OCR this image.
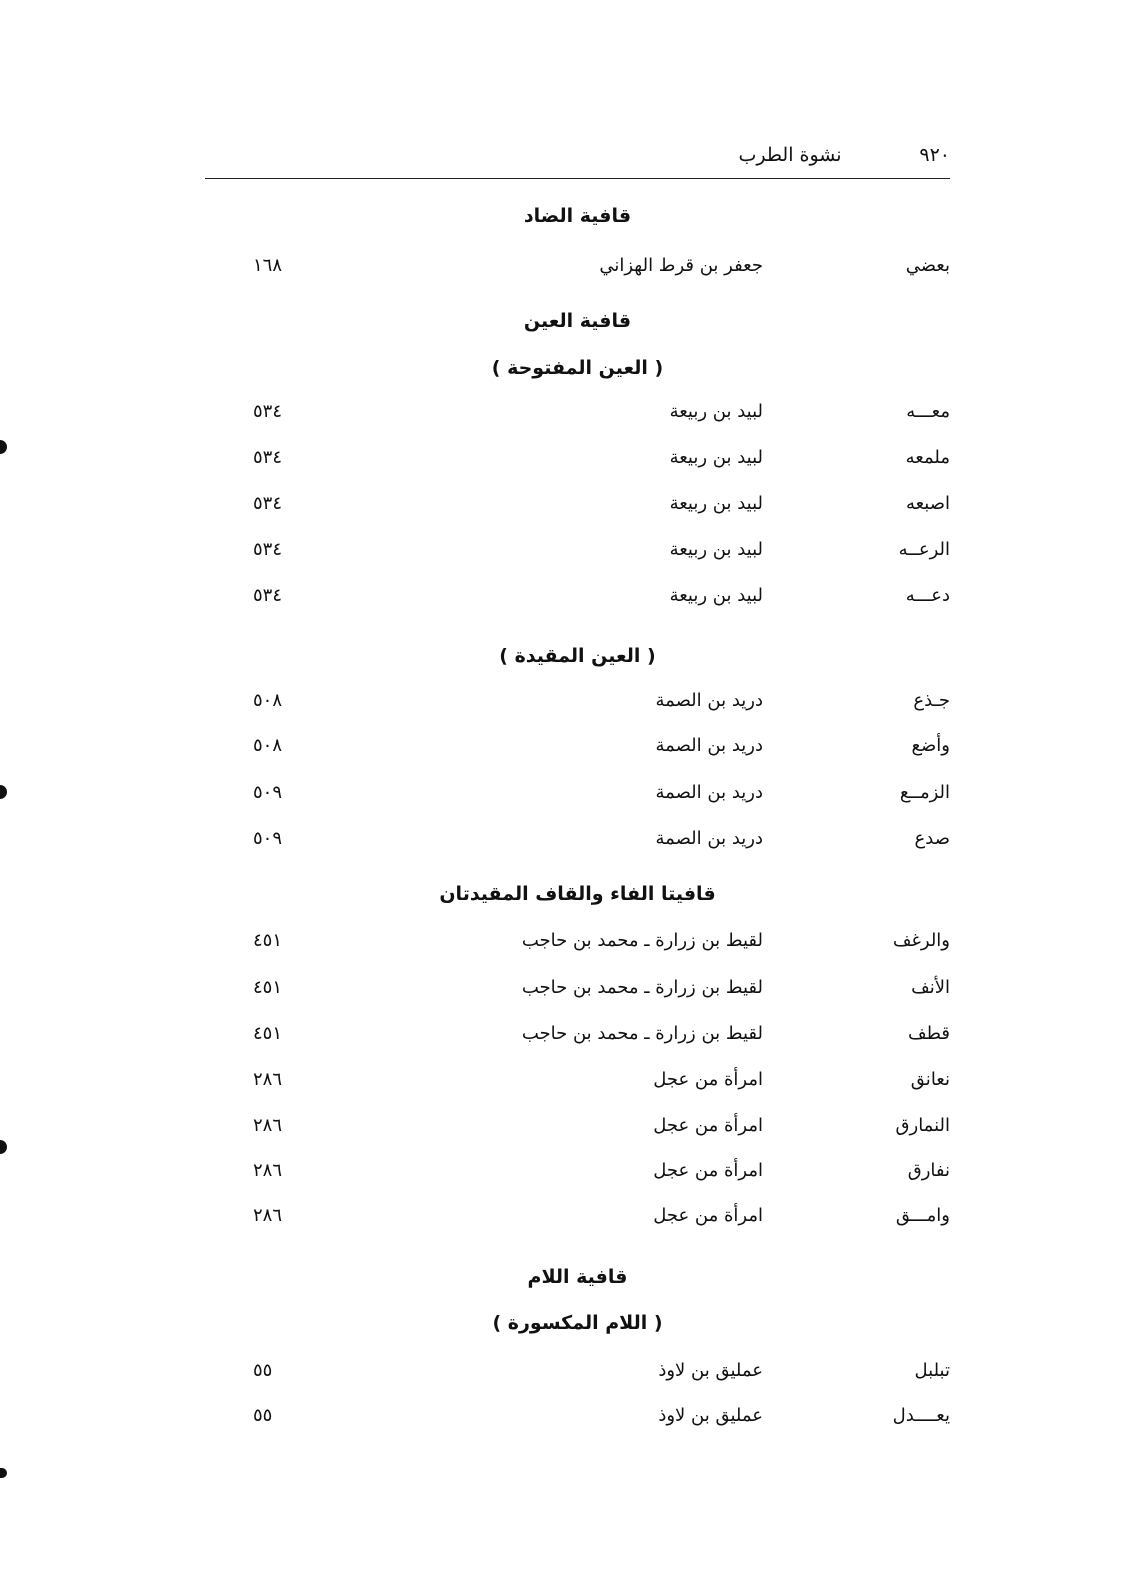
نشوة الطرب	٩٢٠
قافية الضاد
بعضي
جعفر بن قرط الهزاني
١٦٨
قافية العين
( العين المفتوحة )
معـــه
لبيد بن ربيعة
٥٣٤
ملمعه
لبيد بن ربيعة
٥٣٤
اصبعه
لبيد بن ربيعة
٥٣٤
الرعــه
لبيد بن ربيعة
٥٣٤
دعـــه
لبيد بن ربيعة
٥٣٤
( العين المقيدة )
جـذع
دريد بن الصمة
٥٠٨
وأضع
دريد بن الصمة
٥٠٨
الزمــع
دريد بن الصمة
٥٠٩
صدع
دريد بن الصمة
٥٠٩
قافيتا الفاء والقاف المقيدتان
والرغف
لقيط بن زرارة ـ محمد بن حاجب
٤٥١
الأنف
لقيط بن زرارة ـ محمد بن حاجب
٤٥١
قطف
لقيط بن زرارة ـ محمد بن حاجب
٤٥١
نعانق
امرأة من عجل
٢٨٦
النمارق
امرأة من عجل
٢٨٦
نفارق
امرأة من عجل
٢٨٦
وامـــق
امرأة من عجل
٢٨٦
قافية اللام
( اللام المكسورة )
تبلبل
عمليق بن لاوذ
٥٥
يعــــدل
عمليق بن لاوذ
٥٥
